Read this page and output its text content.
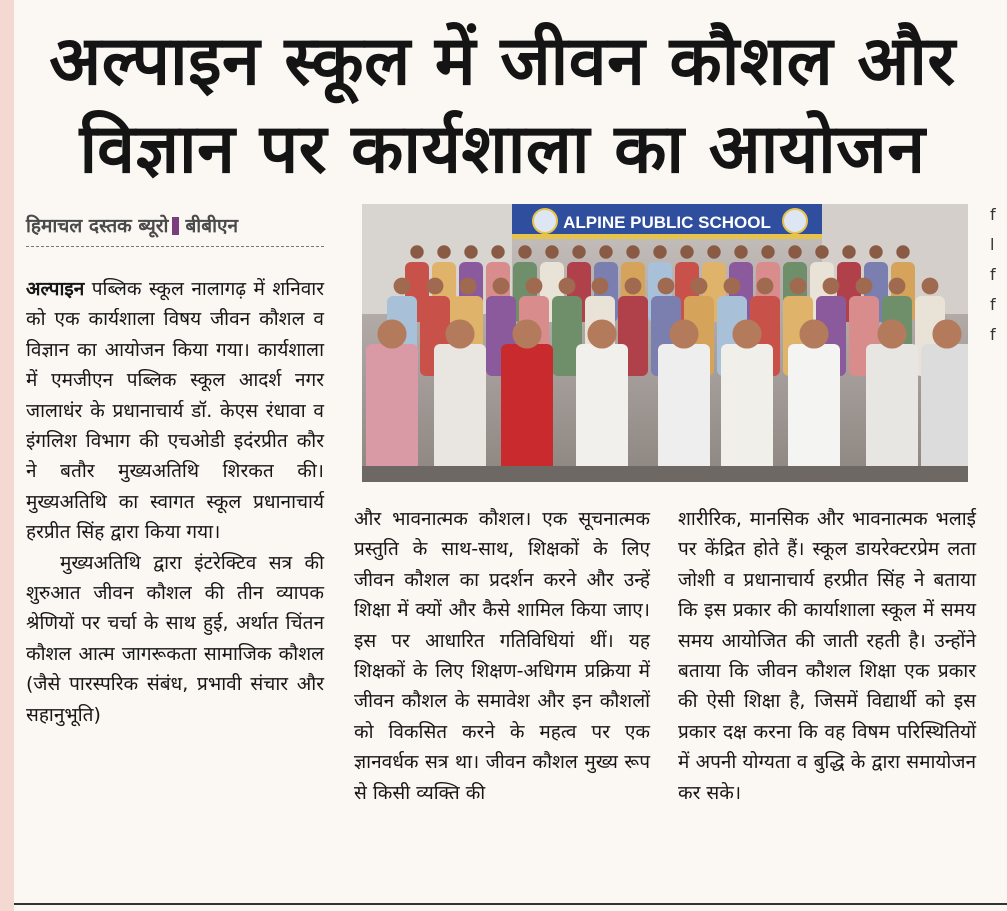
अल्पाइन स्कूल में जीवन कौशल और
विज्ञान पर कार्यशाला का आयोजन
हिमाचल दस्तक ब्यूरो बीबीएन	ALPINE PUBLIC SCHOOL

अल्पाइन पब्लिक स्कूल नालागढ़ में शनिवार को एक कार्यशाला विषय जीवन कौशल व विज्ञान का आयोजन किया गया। कार्यशाला में एमजीएन पब्लिक स्कूल आदर्श नगर जालाधंर के प्रधानाचार्य डॉ. केएस रंधावा व इंगलिश विभाग की एचओडी इदंरप्रीत कौर ने बतौर मुख्यअतिथि शिरकत की। मुख्यअतिथि का स्वागत स्कूल प्रधानाचार्य हरप्रीत सिंह द्वारा किया गया।

मुख्यअतिथि द्वारा इंटरेक्टिव सत्र की शुरुआत जीवन कौशल की तीन व्यापक श्रेणियों पर चर्चा के साथ हुई, अर्थात चिंतन कौशल आत्म जागरूकता सामाजिक कौशल (जैसे पारस्परिक संबंध, प्रभावी संचार और सहानुभूति)

और भावनात्मक कौशल। एक सूचनात्मक प्रस्तुति के साथ-साथ, शिक्षकों के लिए जीवन कौशल का प्रदर्शन करने और उन्हें शिक्षा में क्यों और कैसे शामिल किया जाए। इस पर आधारित गतिविधियां थीं। यह शिक्षकों के लिए शिक्षण-अधिगम प्रक्रिया में जीवन कौशल के समावेश और इन कौशलों को विकसित करने के महत्व पर एक ज्ञानवर्धक सत्र था। जीवन कौशल मुख्य रूप से किसी व्यक्ति की

शारीरिक, मानसिक और भावनात्मक भलाई पर केंद्रित होते हैं। स्कूल डायरेक्टरप्रेम लता जोशी व प्रधानाचार्य हरप्रीत सिंह ने बताया कि इस प्रकार की कार्याशाला स्कूल में समय समय आयोजित की जाती रहती है। उन्होंने बताया कि जीवन कौशल शिक्षा एक प्रकार की ऐसी शिक्षा है, जिसमें विद्यार्थी को इस प्रकार दक्ष करना कि वह विषम परिस्थितियों में अपनी योग्यता व बुद्धि के द्वारा समायोजन कर सके।

f
l
f
f
f
